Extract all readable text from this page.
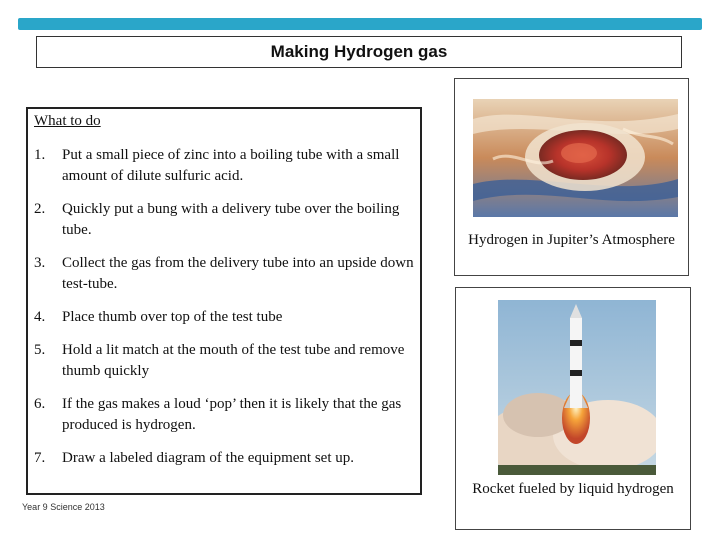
Making Hydrogen gas
What to do
1.	Put a small piece of zinc into a boiling tube with a small amount of dilute sulfuric acid.
2.	Quickly put a bung with a delivery tube over the boiling tube.
3.	Collect the gas from the delivery tube into an upside down test-tube.
4.	Place thumb over top of the test tube
5.	Hold a lit match at the mouth of the test tube and remove thumb quickly
6.	If the gas makes a loud ‘pop’ then it is likely that the gas produced is hydrogen.
7.	Draw a labeled diagram of the equipment set up.
Year 9 Science 2013
Hydrogen in Jupiter’s Atmosphere
Rocket fueled by liquid hydrogen
